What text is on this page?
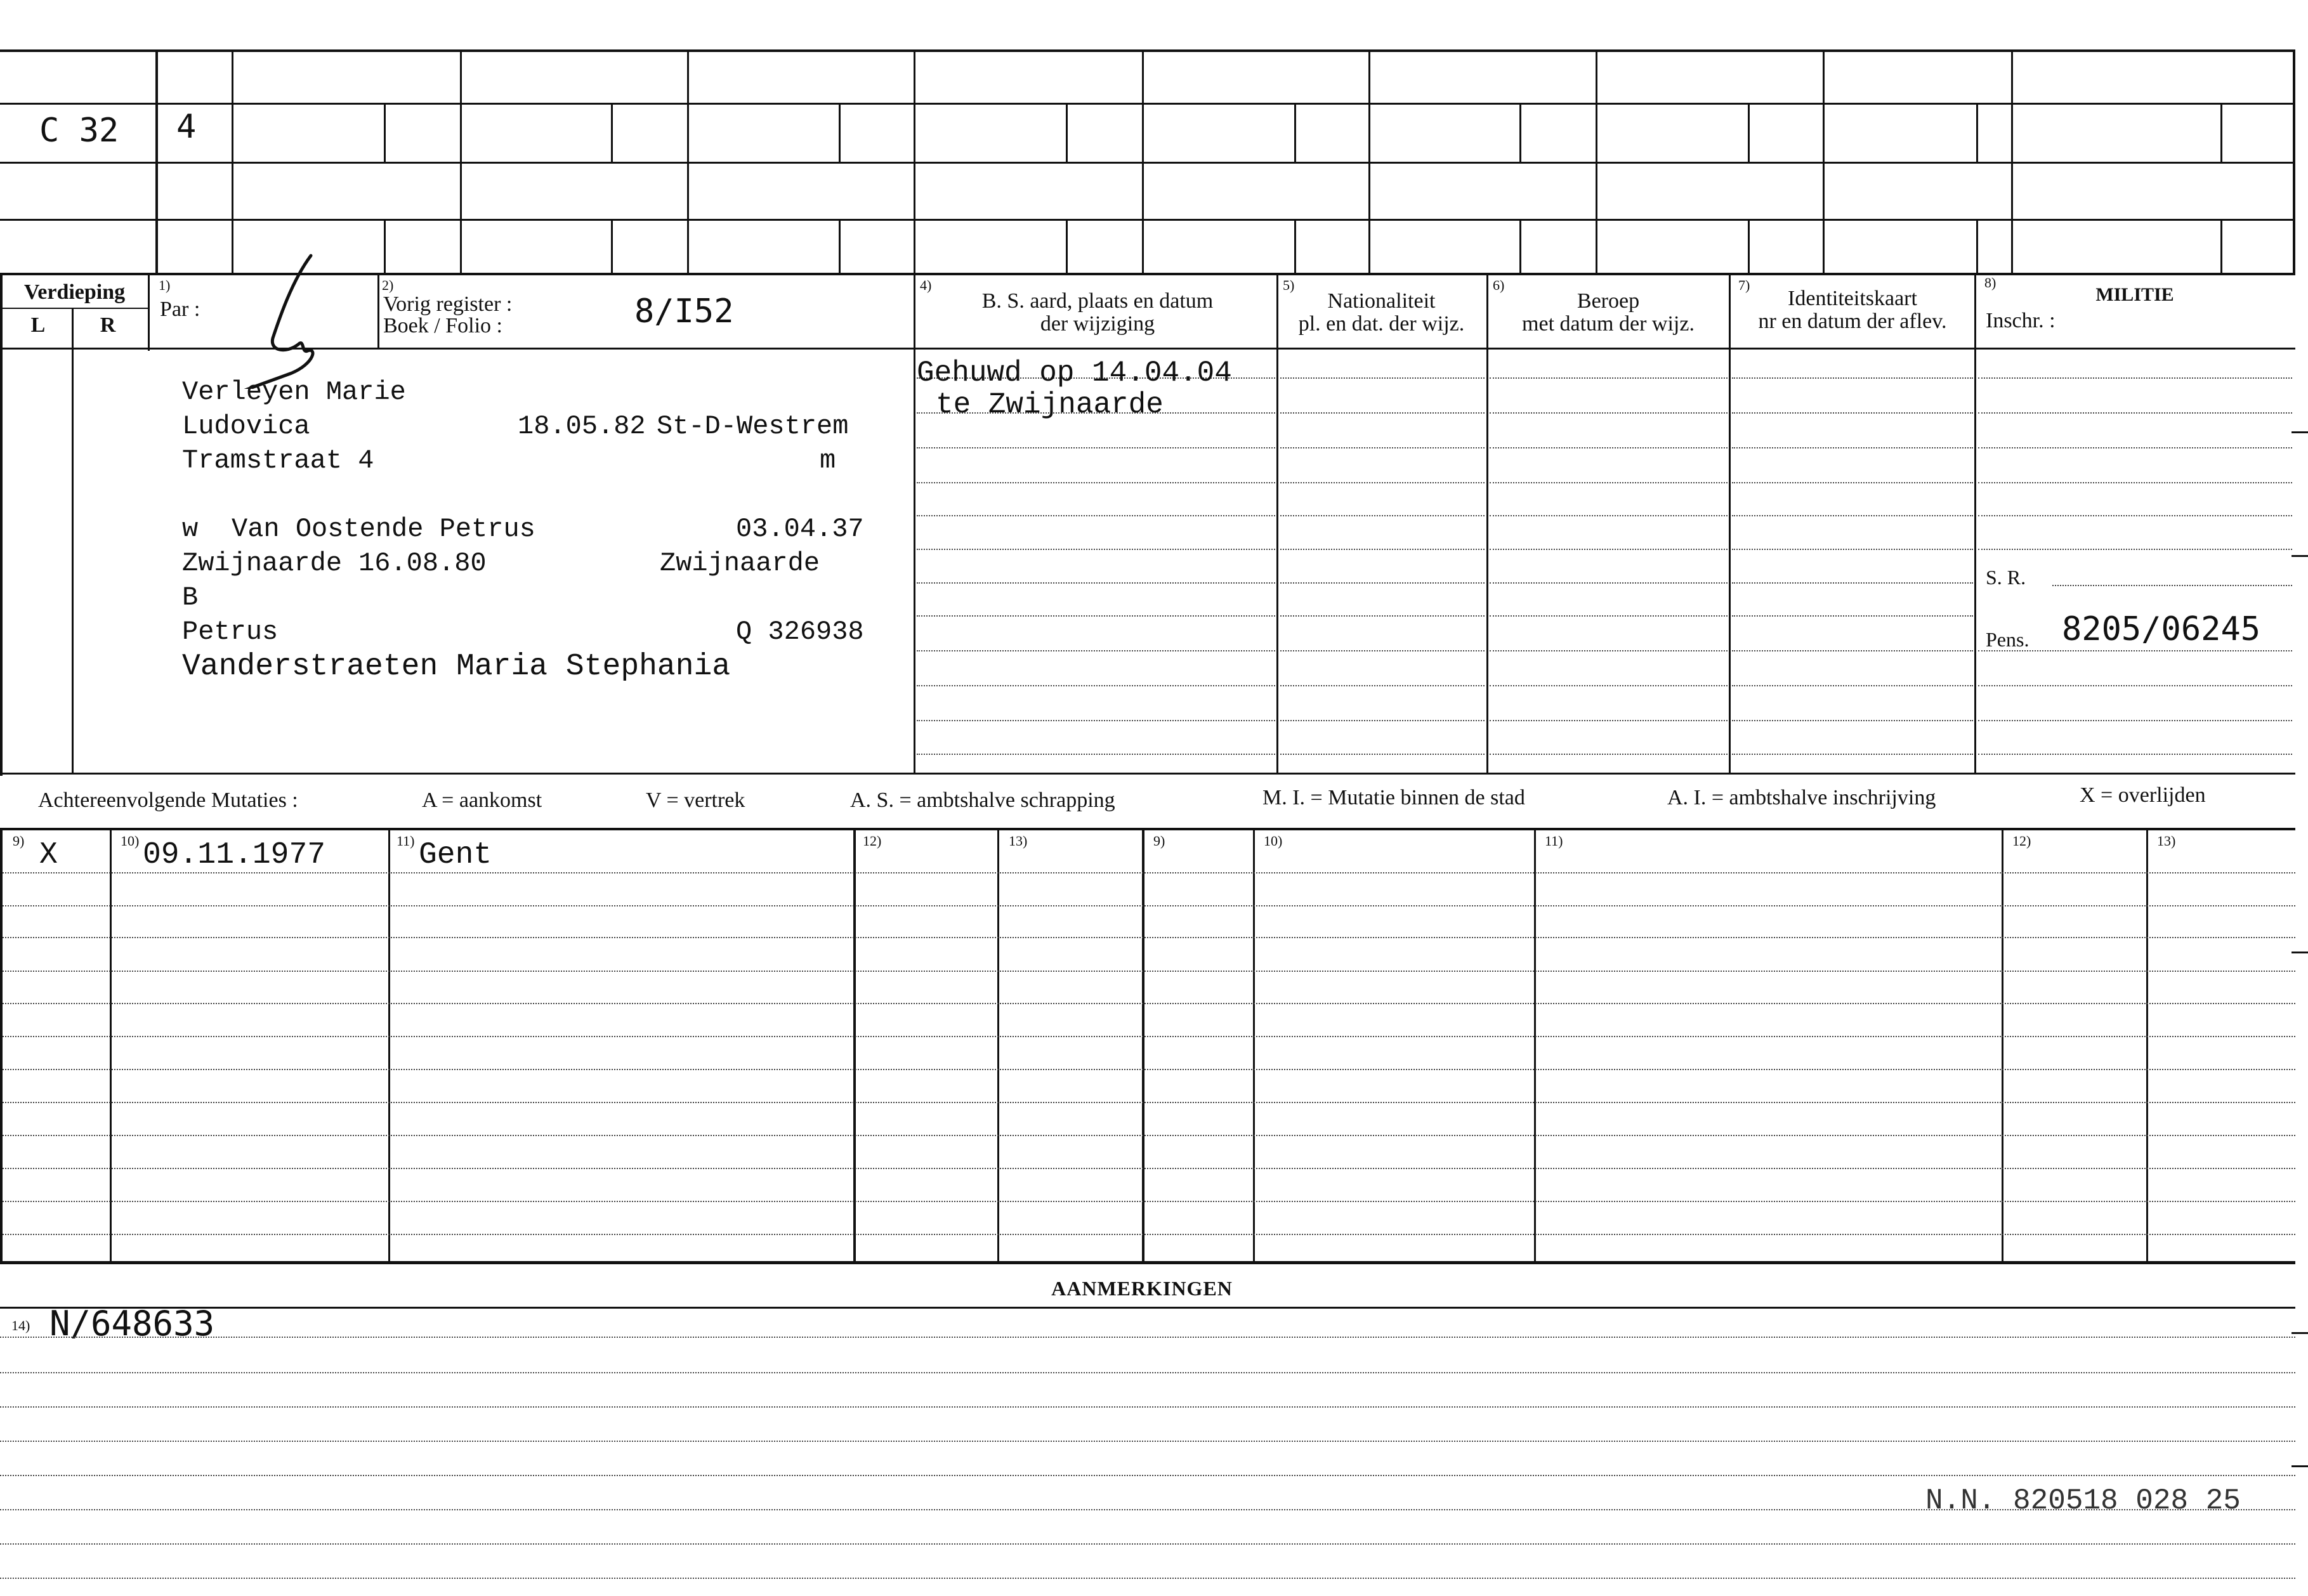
C 32 4
Verdieping
L	R
1)
Par :
2)
Vorig register :
Boek / Folio :	8/I52
4)
B. S. aard, plaats en datum
der wijziging
5)
Nationaliteit
pl. en dat. der wijz.
6)
Beroep
met datum der wijz.
7)
Identiteitskaart
nr en datum der aflev.
8)
MILITIE
Inschr. :
Verleyen Marie
Ludovica	18.05.82 St-D-Westrem
Tramstraat 4	m
w Van Oostende Petrus	03.04.37
Zwijnaarde 16.08.80	Zwijnaarde
B
Petrus	Q 326938
Vanderstraeten Maria Stephania
Gehuwd op 14.04.04
te Zwijnaarde
S. R.
Pens. 8205/06245
Achtereenvolgende Mutaties :	A = aankomst	V = vertrek	A. S. = ambtshalve schrapping	M. I. = Mutatie binnen de stad	A. I. = ambtshalve inschrijving	X = overlijden
9)	10)	11)	12)	13)	9)	10)	11)	12)	13)
X	09.11.1977	Gent
AANMERKINGEN
14) N/648633
N.N. 820518 028 25
